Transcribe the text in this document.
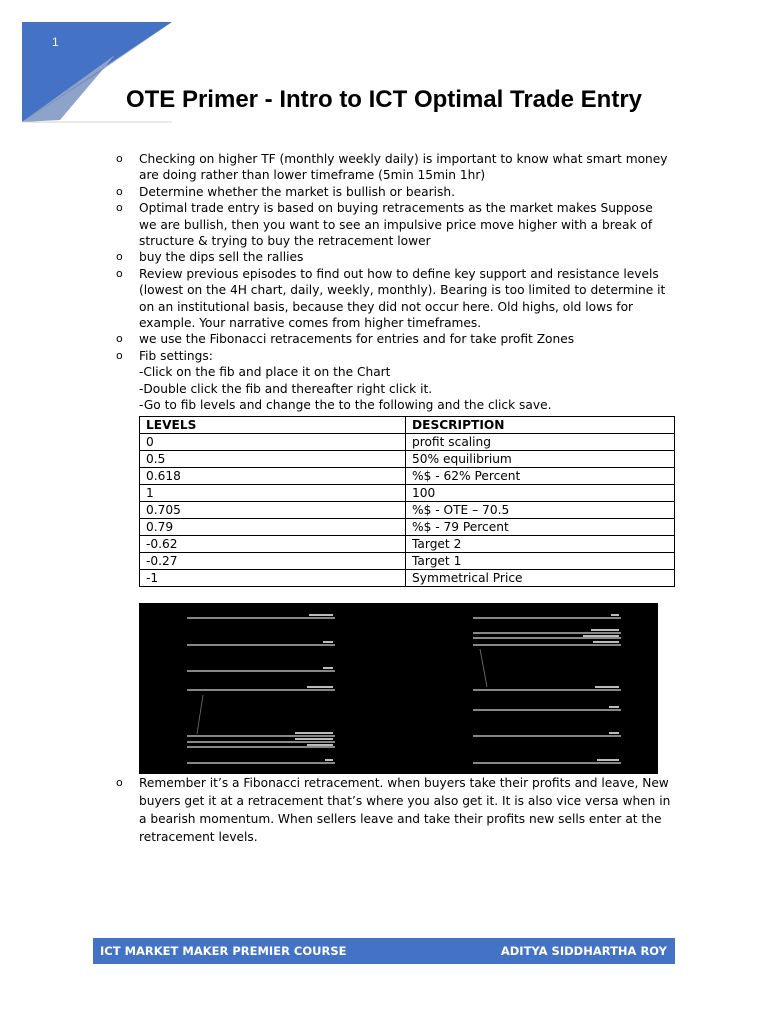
1
OTE Primer - Intro to ICT Optimal Trade Entry
o Checking on higher TF (monthly weekly daily) is important to know what smart money are doing rather than lower timeframe (5min 15min 1hr)
o Determine whether the market is bullish or bearish.
o Optimal trade entry is based on buying retracements as the market makes Suppose we are bullish, then you want to see an impulsive price move higher with a break of structure & trying to buy the retracement lower
o buy the dips sell the rallies
o Review previous episodes to find out how to define key support and resistance levels (lowest on the 4H chart, daily, weekly, monthly). Bearing is too limited to determine it on an institutional basis, because they did not occur here. Old highs, old lows for example. Your narrative comes from higher timeframes.
o we use the Fibonacci retracements for entries and for take profit Zones
o Fib settings:
-Click on the fib and place it on the Chart
-Double click the fib and thereafter right click it.
-Go to fib levels and change the to the following and the click save.
LEVELS	DESCRIPTION
0	profit scaling
0.5	50% equilibrium
0.618	%$ - 62% Percent
1	100
0.705	%$ - OTE – 70.5
0.79	%$ - 79 Percent
-0.62	Target 2
-0.27	Target 1
-1	Symmetrical Price
o Remember it’s a Fibonacci retracement. when buyers take their profits and leave, New buyers get it at a retracement that’s where you also get it. It is also vice versa when in a bearish momentum. When sellers leave and take their profits new sells enter at the retracement levels.
ICT MARKET MAKER PREMIER COURSE	ADITYA SIDDHARTHA ROY
